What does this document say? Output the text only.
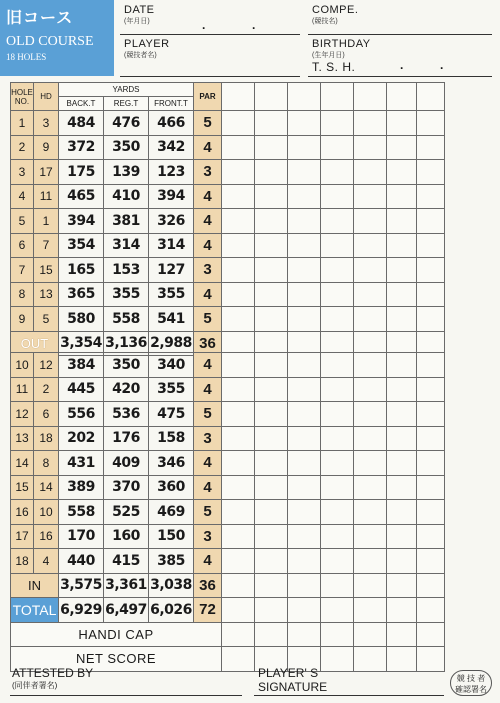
旧コース
OLD COURSE
18 HOLES
DATE
(年月日)	.	.
COMPE.
(競技名)
PLAYER
(競技者名)
BIRTHDAY
(生年月日)
T. S. H.	.	.
HOLE NO.	HD	YARDS			PAR							
		BACK.T	REG.T	FRONT.T								
1	3	484	476	466	5							
2	9	372	350	342	4							
3	17	175	139	123	3							
4	11	465	410	394	4							
5	1	394	381	326	4							
6	7	354	314	314	4							
7	15	165	153	127	3							
8	13	365	355	355	4							
9	5	580	558	541	5							
OUT		3,354	3,136	2,988	36							
10	12	384	350	340	4							
11	2	445	420	355	4							
12	6	556	536	475	5							
13	18	202	176	158	3							
14	8	431	409	346	4							
15	14	389	370	360	4							
16	10	558	525	469	5							
17	16	170	160	150	3							
18	4	440	415	385	4							
IN		3,575	3,361	3,038	36							
TOTAL		6,929	6,497	6,026	72							
HANDI CAP												
NET SCORE												
ATTESTED BY
(同伴者署名)
PLAYER' S
SIGNATURE
競 技 者
確認署名
